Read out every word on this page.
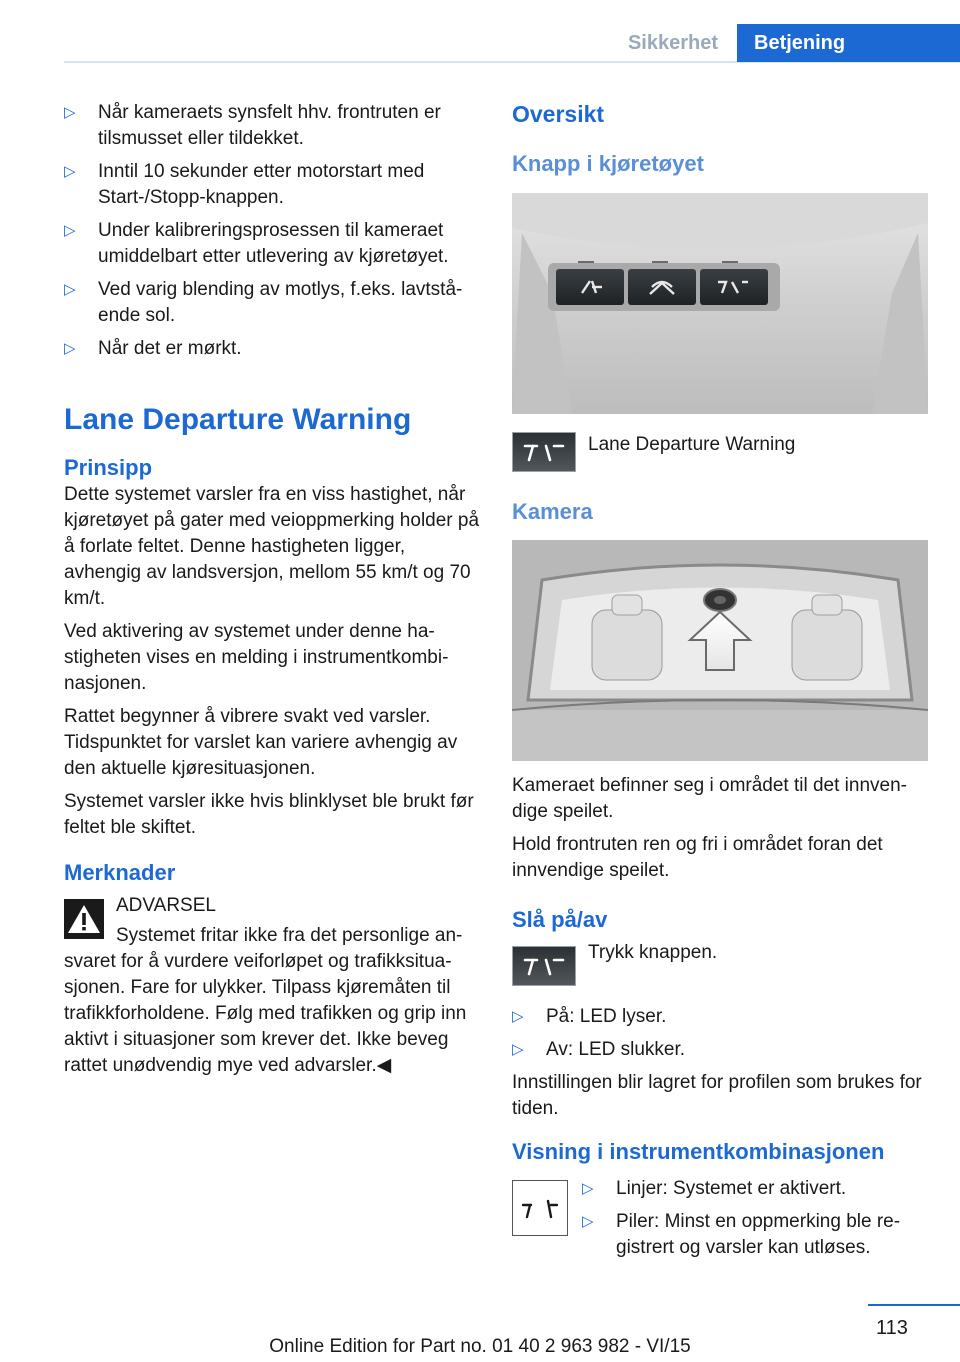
Sikkerhet	Betjening
▷ Når kameraets synsfelt hhv. frontruten er tilsmusset eller tildekket.
▷ Inntil 10 sekunder etter motorstart med Start-/Stopp-knappen.
▷ Under kalibreringsprosessen til kameraet umiddelbart etter utlevering av kjøretøyet.
▷ Ved varig blending av motlys, f.eks. lavtstående sol.
▷ Når det er mørkt.
Lane Departure Warning
Prinsipp

Dette systemet varsler fra en viss hastighet, når kjøretøyet på gater med veioppmerking holder på å forlate feltet. Denne hastigheten ligger, avhengig av landsversjon, mellom 55 km/t og 70 km/t.

Ved aktivering av systemet under denne hastigheten vises en melding i instrumentkombinasjonen.

Rattet begynner å vibrere svakt ved varsler. Tidspunktet for varslet kan variere avhengig av den aktuelle kjøresituasjonen.

Systemet varsler ikke hvis blinklyset ble brukt før feltet ble skiftet.

Merknader
ADVARSEL
Systemet fritar ikke fra det personlige ansvaret for å vurdere veiforløpet og trafikksituasjonen. Fare for ulykker. Tilpass kjøremåten til trafikkforholdene. Følg med trafikken og grip inn aktivt i situasjoner som krever det. Ikke beveg rattet unødvendig mye ved advarsler.◀
Oversikt
Knapp i kjøretøyet
Lane Departure Warning
Kamera

Kameraet befinner seg i området til det innvendige speilet.

Hold frontruten ren og fri i området foran det innvendige speilet.

Slå på/av
Trykk knappen.
▷ På: LED lyser.
▷ Av: LED slukker.

Innstillingen blir lagret for profilen som brukes for tiden.

Visning i instrumentkombinasjonen
▷ Linjer: Systemet er aktivert.
▷ Piler: Minst en oppmerking ble registrert og varsler kan utløses.
113
Online Edition for Part no. 01 40 2 963 982 - VI/15
